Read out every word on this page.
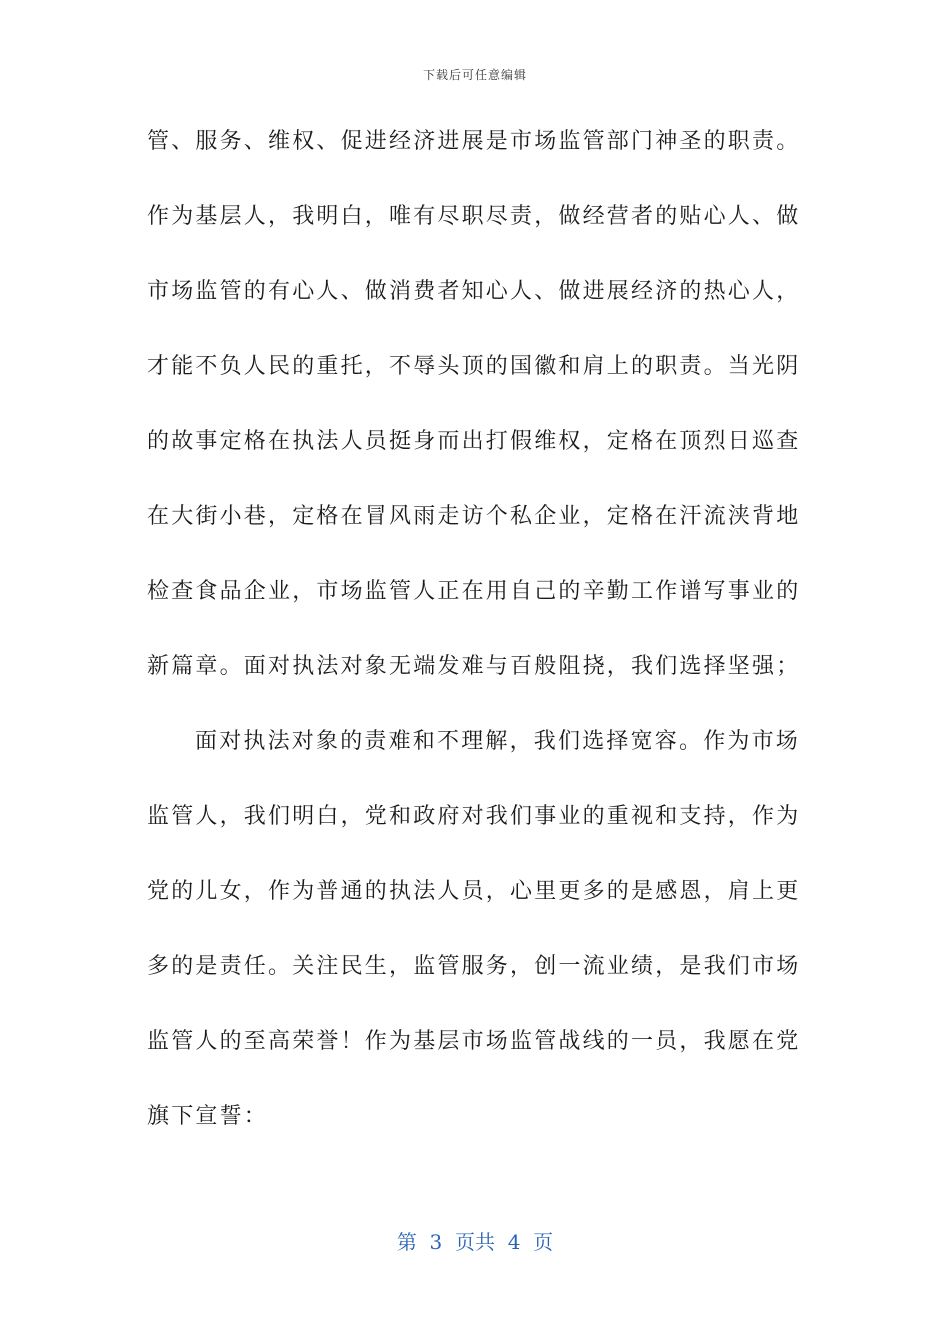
下载后可任意编辑
管、服务、维权、促进经济进展是市场监管部门神圣的职责。
作为基层人，我明白，唯有尽职尽责，做经营者的贴心人、做
市场监管的有心人、做消费者知心人、做进展经济的热心人，
才能不负人民的重托，不辱头顶的国徽和肩上的职责。当光阴
的故事定格在执法人员挺身而出打假维权，定格在顶烈日巡查
在大街小巷，定格在冒风雨走访个私企业，定格在汗流浃背地
检查食品企业，市场监管人正在用自己的辛勤工作谱写事业的
新篇章。面对执法对象无端发难与百般阻挠，我们选择坚强；
面对执法对象的责难和不理解，我们选择宽容。作为市场
监管人，我们明白，党和政府对我们事业的重视和支持，作为
党的儿女，作为普通的执法人员，心里更多的是感恩，肩上更
多的是责任。关注民生，监管服务，创一流业绩，是我们市场
监管人的至高荣誉！作为基层市场监管战线的一员，我愿在党
旗下宣誓：
第  3  页共  4  页
